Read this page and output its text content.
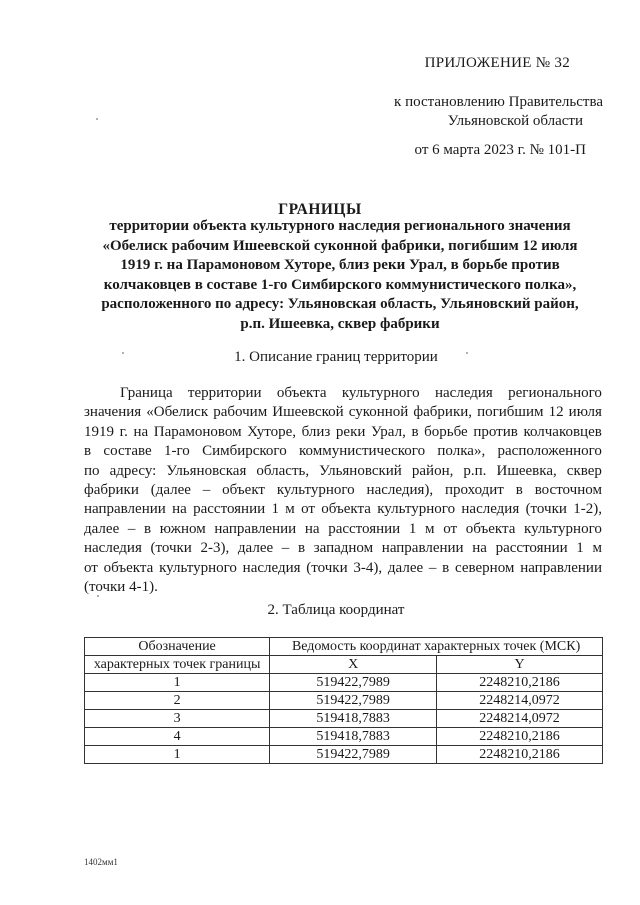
ПРИЛОЖЕНИЕ № 32
к постановлению Правительства
Ульяновской области
от 6 марта 2023 г. № 101-П
ГРАНИЦЫ
территории объекта культурного наследия регионального значения
«Обелиск рабочим Ишеевской суконной фабрики, погибшим 12 июля
1919 г. на Парамоновом Хуторе, близ реки Урал, в борьбе против
колчаковцев в составе 1-го Симбирского коммунистического полка»,
расположенного по адресу: Ульяновская область, Ульяновский район,
р.п. Ишеевка, сквер фабрики
1. Описание границ территории
Граница территории объекта культурного наследия регионального
значения «Обелиск рабочим Ишеевской суконной фабрики, погибшим 12 июля
1919 г. на Парамоновом Хуторе, близ реки Урал, в борьбе против колчаковцев
в составе 1-го Симбирского коммунистического полка», расположенного
по адресу: Ульяновская область, Ульяновский район, р.п. Ишеевка, сквер
фабрики (далее – объект культурного наследия), проходит в восточном
направлении на расстоянии 1 м от объекта культурного наследия (точки 1-2),
далее – в южном направлении на расстоянии 1 м от объекта культурного
наследия (точки 2-3), далее – в западном направлении на расстоянии 1 м
от объекта культурного наследия (точки 3-4), далее – в северном направлении
(точки 4-1).
2. Таблица координат
Обозначение	Ведомость координат характерных точек (МСК)	
характерных точек границы	X	Y
1	519422,7989	2248210,2186
2	519422,7989	2248214,0972
3	519418,7883	2248214,0972
4	519418,7883	2248210,2186
1	519422,7989	2248210,2186
1402мм1
